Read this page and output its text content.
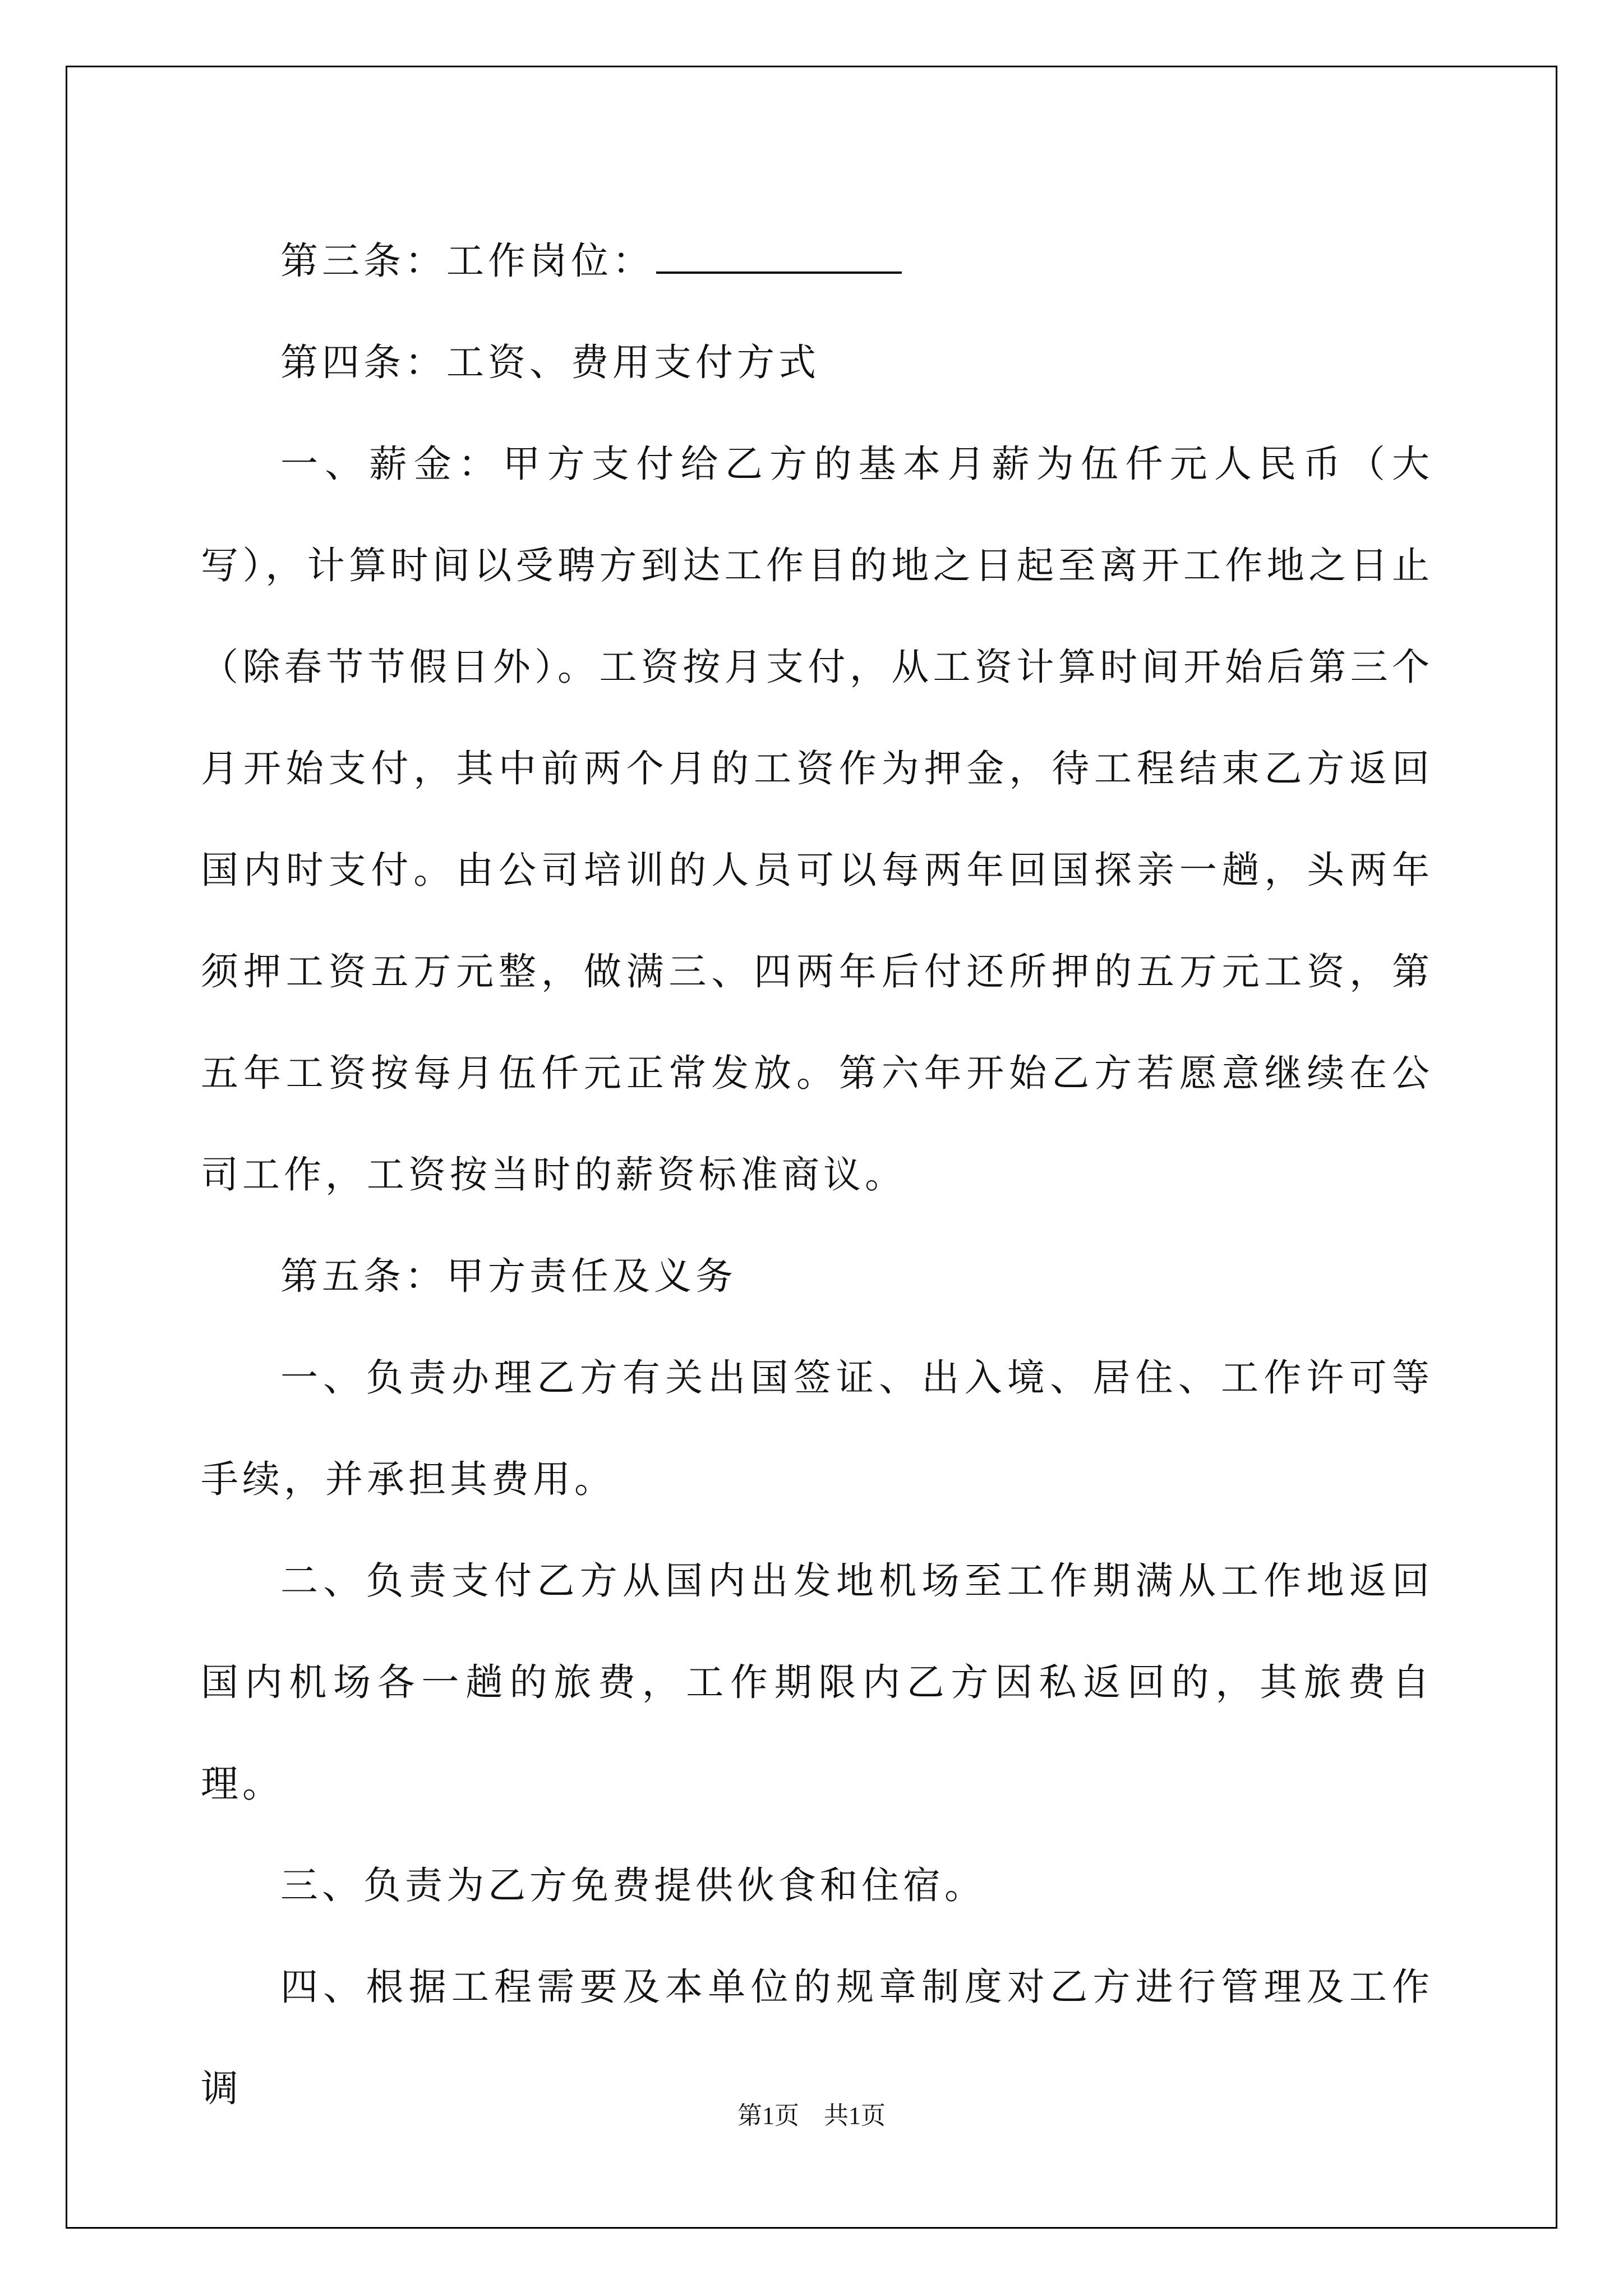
第三条：工作岗位：

第四条：工资、费用支付方式

一、薪金：甲方支付给乙方的基本月薪为伍仟元人民币（大写），计算时间以受聘方到达工作目的地之日起至离开工作地之日止（除春节节假日外）。工资按月支付，从工资计算时间开始后第三个月开始支付，其中前两个月的工资作为押金，待工程结束乙方返回国内时支付。由公司培训的人员可以每两年回国探亲一趟，头两年须押工资五万元整，做满三、四两年后付还所押的五万元工资，第五年工资按每月伍仟元正常发放。第六年开始乙方若愿意继续在公司工作，工资按当时的薪资标准商议。

第五条：甲方责任及义务

一、负责办理乙方有关出国签证、出入境、居住、工作许可等手续，并承担其费用。

二、负责支付乙方从国内出发地机场至工作期满从工作地返回国内机场各一趟的旅费，工作期限内乙方因私返回的，其旅费自理。

三、负责为乙方免费提供伙食和住宿。

四、根据工程需要及本单位的规章制度对乙方进行管理及工作调

第1页 共1页
